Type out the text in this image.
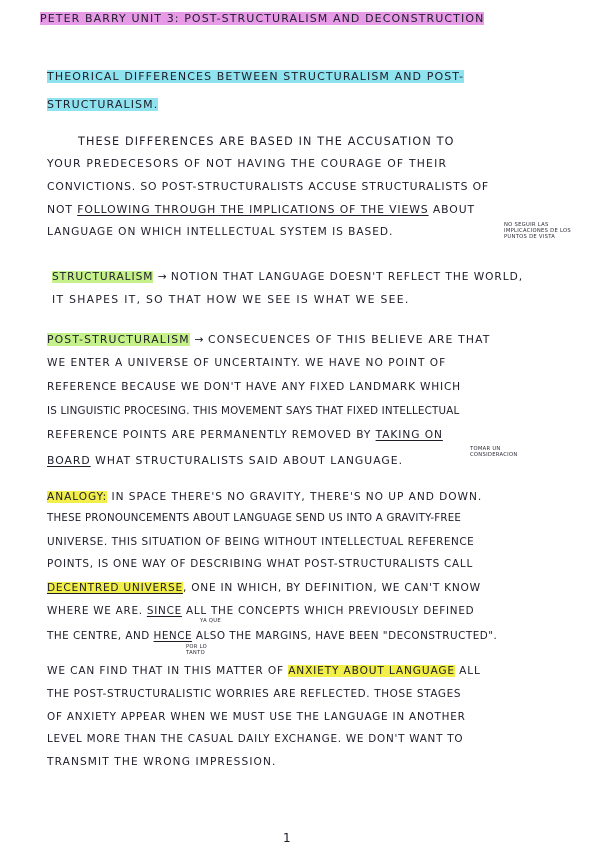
PETER BARRY UNIT 3: POST-STRUCTURALISM AND DECONSTRUCTION
THEORICAL DIFFERENCES BETWEEN STRUCTURALISM AND POST-
STRUCTURALISM.
THESE DIFFERENCES ARE BASED IN THE ACCUSATION TO
YOUR PREDECESORS OF NOT HAVING THE COURAGE OF THEIR
CONVICTIONS. SO POST-STRUCTURALISTS ACCUSE STRUCTURALISTS OF
NOT FOLLOWING THROUGH THE IMPLICATIONS OF THE VIEWS ABOUT
LANGUAGE ON WHICH INTELLECTUAL SYSTEM IS BASED.
NO SEGUIR LAS
IMPLICACIONES DE LOS
PUNTOS DE VISTA
STRUCTURALISM → NOTION THAT LANGUAGE DOESN'T REFLECT THE WORLD,
IT SHAPES IT, SO THAT HOW WE SEE IS WHAT WE SEE.
POST-STRUCTURALISM → CONSECUENCES OF THIS BELIEVE ARE THAT
WE ENTER A UNIVERSE OF UNCERTAINTY. WE HAVE NO POINT OF
REFERENCE BECAUSE WE DON'T HAVE ANY FIXED LANDMARK WHICH
IS LINGUISTIC PROCESING. THIS MOVEMENT SAYS THAT FIXED INTELLECTUAL
REFERENCE POINTS ARE PERMANENTLY REMOVED BY TAKING ON
TOMAR UN
CONSIDERACION
BOARD WHAT STRUCTURALISTS SAID ABOUT LANGUAGE.
ANALOGY: IN SPACE THERE'S NO GRAVITY, THERE'S NO UP AND DOWN.
THESE PRONOUNCEMENTS ABOUT LANGUAGE SEND US INTO A GRAVITY-FREE
UNIVERSE. THIS SITUATION OF BEING WITHOUT INTELLECTUAL REFERENCE
POINTS, IS ONE WAY OF DESCRIBING WHAT POST-STRUCTURALISTS CALL
DECENTRED UNIVERSE, ONE IN WHICH, BY DEFINITION, WE CAN'T KNOW
YA QUE
WHERE WE ARE. SINCE ALL THE CONCEPTS WHICH PREVIOUSLY DEFINED
THE CENTRE, AND HENCE ALSO THE MARGINS, HAVE BEEN "DECONSTRUCTED".
POR LO
TANTO
WE CAN FIND THAT IN THIS MATTER OF ANXIETY ABOUT LANGUAGE ALL
THE POST-STRUCTURALISTIC WORRIES ARE REFLECTED. THOSE STAGES
OF ANXIETY APPEAR WHEN WE MUST USE THE LANGUAGE IN ANOTHER
LEVEL MORE THAN THE CASUAL DAILY EXCHANGE. WE DON'T WANT TO
TRANSMIT THE WRONG IMPRESSION.
1
